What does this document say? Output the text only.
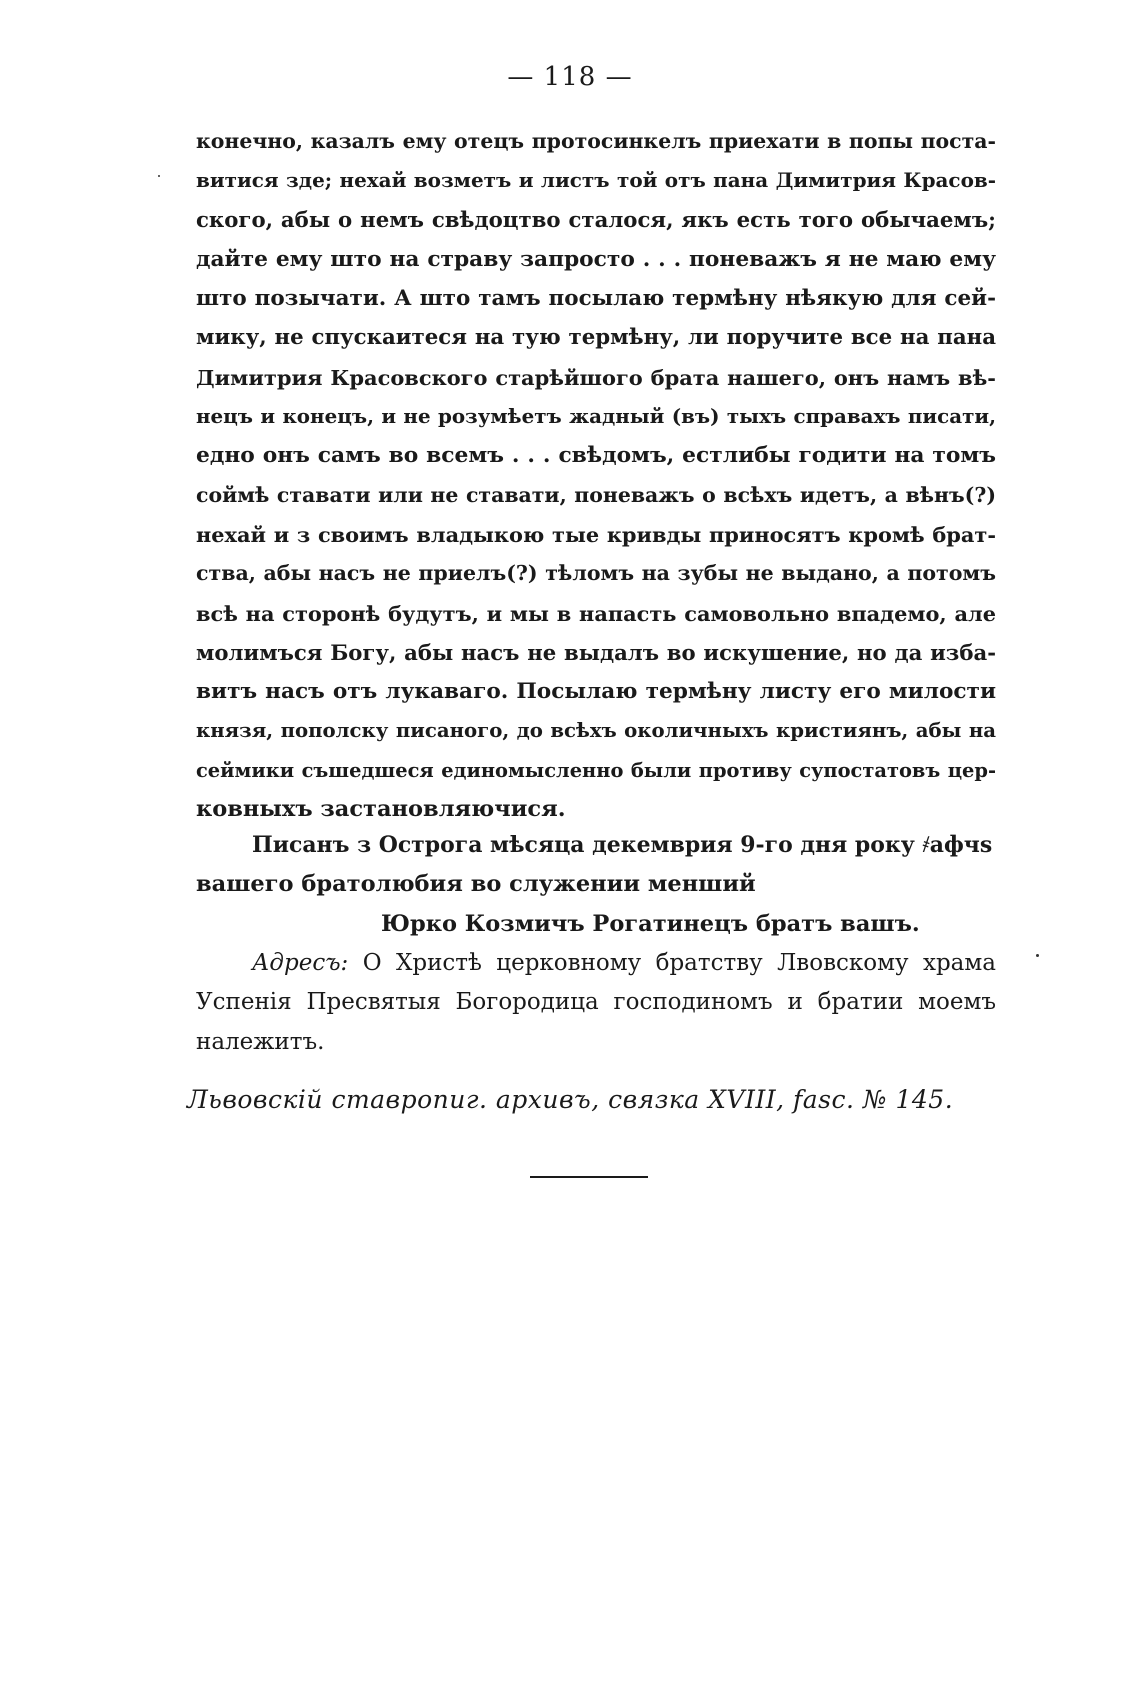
— 118 —
конечно, казалъ ему отецъ протосинкелъ приехати в попы поста-
витися зде; нехай возметъ и листъ той отъ пана Димитрия Красов-
ского, абы о немъ свѣдоцтво сталося, якъ есть того обычаемъ;
дайте ему што на страву запросто . . . поневажъ я не маю ему
што позычати. А што тамъ посылаю термѣну нѣякую для сей-
мику, не спускаитеся на тую термѣну, ли поручите все на пана
Димитрия Красовского старѣйшого брата нашего, онъ намъ вѣ-
нецъ и конецъ, и не розумѣетъ жадный (въ) тыхъ справахъ писати,
едно онъ самъ во всемъ . . . свѣдомъ, естлибы годити на томъ
соймѣ ставати или не ставати, поневажъ о всѣхъ идетъ, а вѣнъ(?)
нехай и з своимъ владыкою тые кривды приносятъ кромѣ брат-
ства, абы насъ не приелъ(?) тѣломъ на зубы не выдано, а потомъ
всѣ на сторонѣ будутъ, и мы в напасть самовольно впадемо, але
молимъся Богу, абы насъ не выдалъ во искушение, но да изба-
витъ насъ отъ лукаваго. Посылаю термѣну листу его милости
князя, пополску писаного, до всѣхъ околичныхъ кристиянъ, абы на
сеймики съшедшеся единомысленно были противу супостатовъ цер-
ковныхъ застановляючися.
Писанъ з Острога мѣсяца декемврия 9-го дня року ҂афчѕ
вашего братолюбия во служении менший
Юрко Козмичъ Рогатинецъ братъ вашъ.
Адресъ: О Христѣ церковному братству Лвовскому храма
Успенія Пресвятыя Богородица господиномъ и братии моемъ
належитъ.
Львовскій ставропиг. архивъ, связка XVIII, fasc. № 145.
